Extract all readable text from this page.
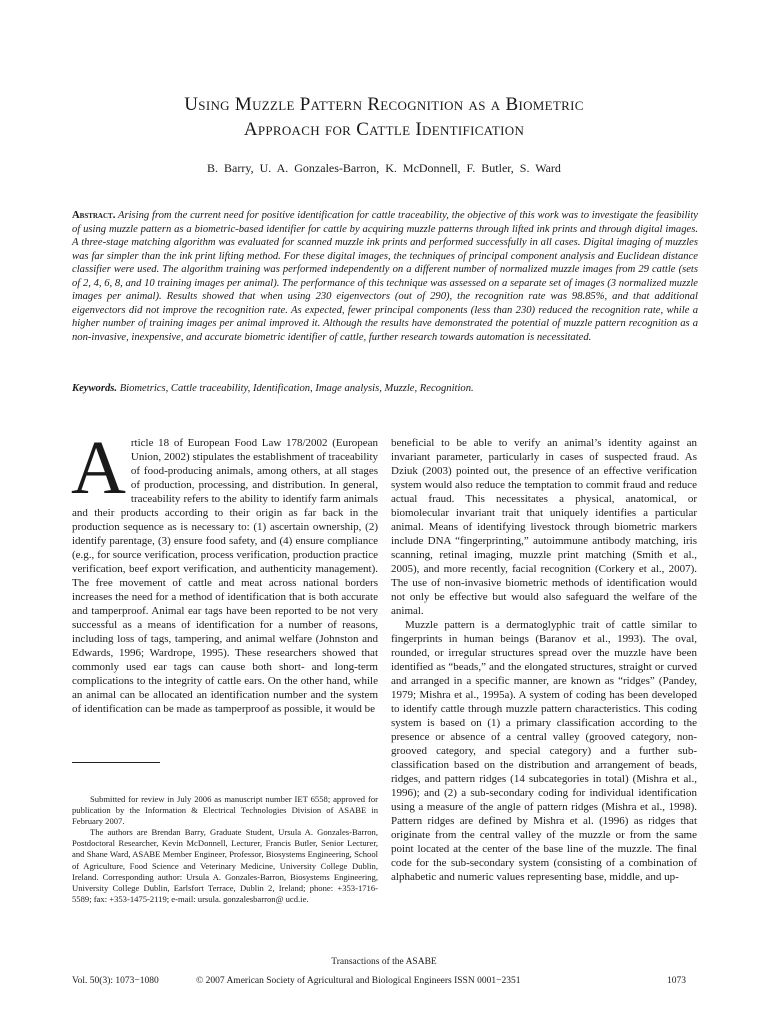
Using Muzzle Pattern Recognition as a Biometric
Approach for Cattle Identification
B. Barry, U. A. Gonzales-Barron, K. McDonnell, F. Butler, S. Ward
Abstract. Arising from the current need for positive identification for cattle traceability, the objective of this work was to investigate the feasibility of using muzzle pattern as a biometric-based identifier for cattle by acquiring muzzle patterns through lifted ink prints and through digital images. A three-stage matching algorithm was evaluated for scanned muzzle ink prints and performed successfully in all cases. Digital imaging of muzzles was far simpler than the ink print lifting method. For these digital images, the techniques of principal component analysis and Euclidean distance classifier were used. The algorithm training was performed independently on a different number of normalized muzzle images from 29 cattle (sets of 2, 4, 6, 8, and 10 training images per animal). The performance of this technique was assessed on a separate set of images (3 normalized muzzle images per animal). Results showed that when using 230 eigenvectors (out of 290), the recognition rate was 98.85%, and that additional eigenvectors did not improve the recognition rate. As expected, fewer principal components (less than 230) reduced the recognition rate, while a higher number of training images per animal improved it. Although the results have demonstrated the potential of muzzle pattern recognition as a non-invasive, inexpensive, and accurate biometric identifier of cattle, further research towards automation is necessitated.
Keywords. Biometrics, Cattle traceability, Identification, Image analysis, Muzzle, Recognition.

Article 18 of European Food Law 178/2002 (European Union, 2002) stipulates the establishment of traceability of food-producing animals, among others, at all stages of production, processing, and distribution. In general, traceability refers to the ability to identify farm animals and their products according to their origin as far back in the production sequence as is necessary to: (1) ascertain ownership, (2) identify parentage, (3) ensure food safety, and (4) ensure compliance (e.g., for source verification, process verification, production practice verification, beef export verification, and authenticity management). The free movement of cattle and meat across national borders increases the need for a method of identification that is both accurate and tamperproof. Animal ear tags have been reported to be not very successful as a means of identification for a number of reasons, including loss of tags, tampering, and animal welfare (Johnston and Edwards, 1996; Wardrope, 1995). These researchers showed that commonly used ear tags can cause both short- and long-term complications to the integrity of cattle ears. On the other hand, while an animal can be allocated an identification number and the system of identification can be made as tamperproof as possible, it would be

beneficial to be able to verify an animal’s identity against an invariant parameter, particularly in cases of suspected fraud. As Dziuk (2003) pointed out, the presence of an effective verification system would also reduce the temptation to commit fraud and reduce actual fraud. This necessitates a physical, anatomical, or biomolecular invariant trait that uniquely identifies a particular animal. Means of identifying livestock through biometric markers include DNA “fingerprinting,” autoimmune antibody matching, iris scanning, retinal imaging, muzzle print matching (Smith et al., 2005), and more recently, facial recognition (Corkery et al., 2007). The use of non-invasive biometric methods of identification would not only be effective but would also safeguard the welfare of the animal.

Muzzle pattern is a dermatoglyphic trait of cattle similar to fingerprints in human beings (Baranov et al., 1993). The oval, rounded, or irregular structures spread over the muzzle have been identified as “beads,” and the elongated structures, straight or curved and arranged in a specific manner, are known as “ridges” (Pandey, 1979; Mishra et al., 1995a). A system of coding has been developed to identify cattle through muzzle pattern characteristics. This coding system is based on (1) a primary classification according to the presence or absence of a central valley (grooved category, non-grooved category, and special category) and a further sub-classification based on the distribution and arrangement of beads, ridges, and pattern ridges (14 subcategories in total) (Mishra et al., 1996); and (2) a sub-secondary coding for individual identification using a measure of the angle of pattern ridges (Mishra et al., 1998). Pattern ridges are defined by Mishra et al. (1996) as ridges that originate from the central valley of the muzzle or from the same point located at the center of the base line of the muzzle. The final code for the sub-secondary system (consisting of a combination of alphabetic and numeric values representing base, middle, and up-

Submitted for review in July 2006 as manuscript number IET 6558; approved for publication by the Information & Electrical Technologies Division of ASABE in February 2007.

The authors are Brendan Barry, Graduate Student, Ursula A. Gonzales-Barron, Postdoctoral Researcher, Kevin McDonnell, Lecturer, Francis Butler, Senior Lecturer, and Shane Ward, ASABE Member Engineer, Professor, Biosystems Engineering, School of Agriculture, Food Science and Veterinary Medicine, University College Dublin, Ireland. Corresponding author: Ursula A. Gonzales-Barron, Biosystems Engineering, University College Dublin, Earlsfort Terrace, Dublin 2, Ireland; phone: +353-1716-5589; fax: +353-1475-2119; e-mail: ursula. gonzalesbarron@ ucd.ie.

Transactions of the ASABE
Vol. 50(3): 1073−1080	© 2007 American Society of Agricultural and Biological Engineers ISSN 0001−2351	1073
